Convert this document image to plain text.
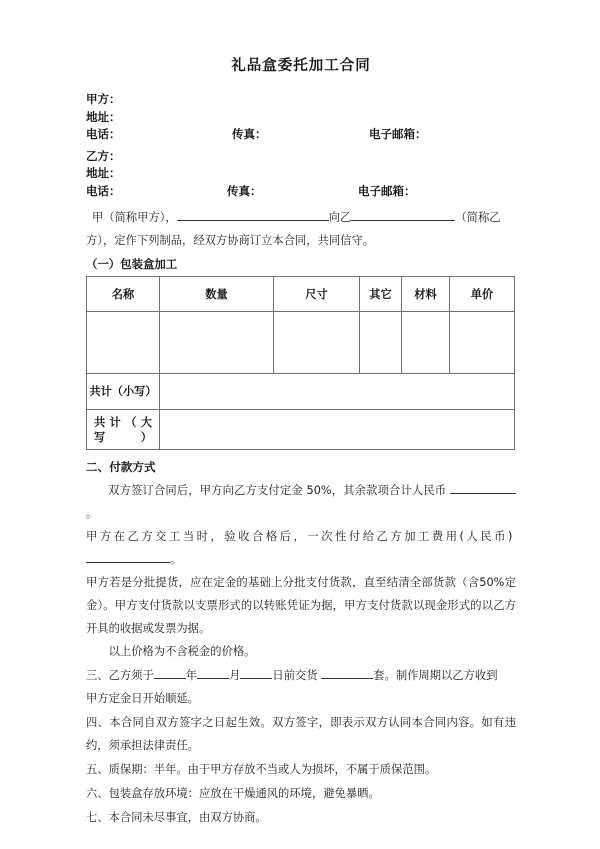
礼品盒委托加工合同
甲方：
地址：
电话：	传真：	电子邮箱：
乙方：
地址：
电话：	传真：	电子邮箱：
甲（简称甲方），	向乙	（简称乙
方），定作下列制品，经双方协商订立本合同，共同信守。
（一）包装盒加工
名称	数量	尺寸	其它	材料	单价

共计（小写）					
共计（大写）					
二、付款方式
双方签订合同后，甲方向乙方支付定金 50%，其余款项合计人民币 。
甲方在乙方交工当时，验收合格后，一次性付给乙方加工费用(人民币) 。
甲方若是分批提货，应在定金的基础上分批支付货款，直至结清全部货款（含50%定金）。甲方支付货款以支票形式的以转账凭证为据，甲方支付货款以现金形式的以乙方开具的收据或发票为据。
以上价格为不含税金的价格。
三、乙方须于	年	月	日前交货	套。制作周期以乙方收到
甲方定金日开始顺延。
四、本合同自双方签字之日起生效。双方签字，即表示双方认同本合同内容。如有违约，须承担法律责任。
五、质保期：半年。由于甲方存放不当或人为损坏，不属于质保范围。
六、包装盒存放环境：应放在干燥通风的环境，避免暴晒。
七、本合同未尽事宜，由双方协商。
